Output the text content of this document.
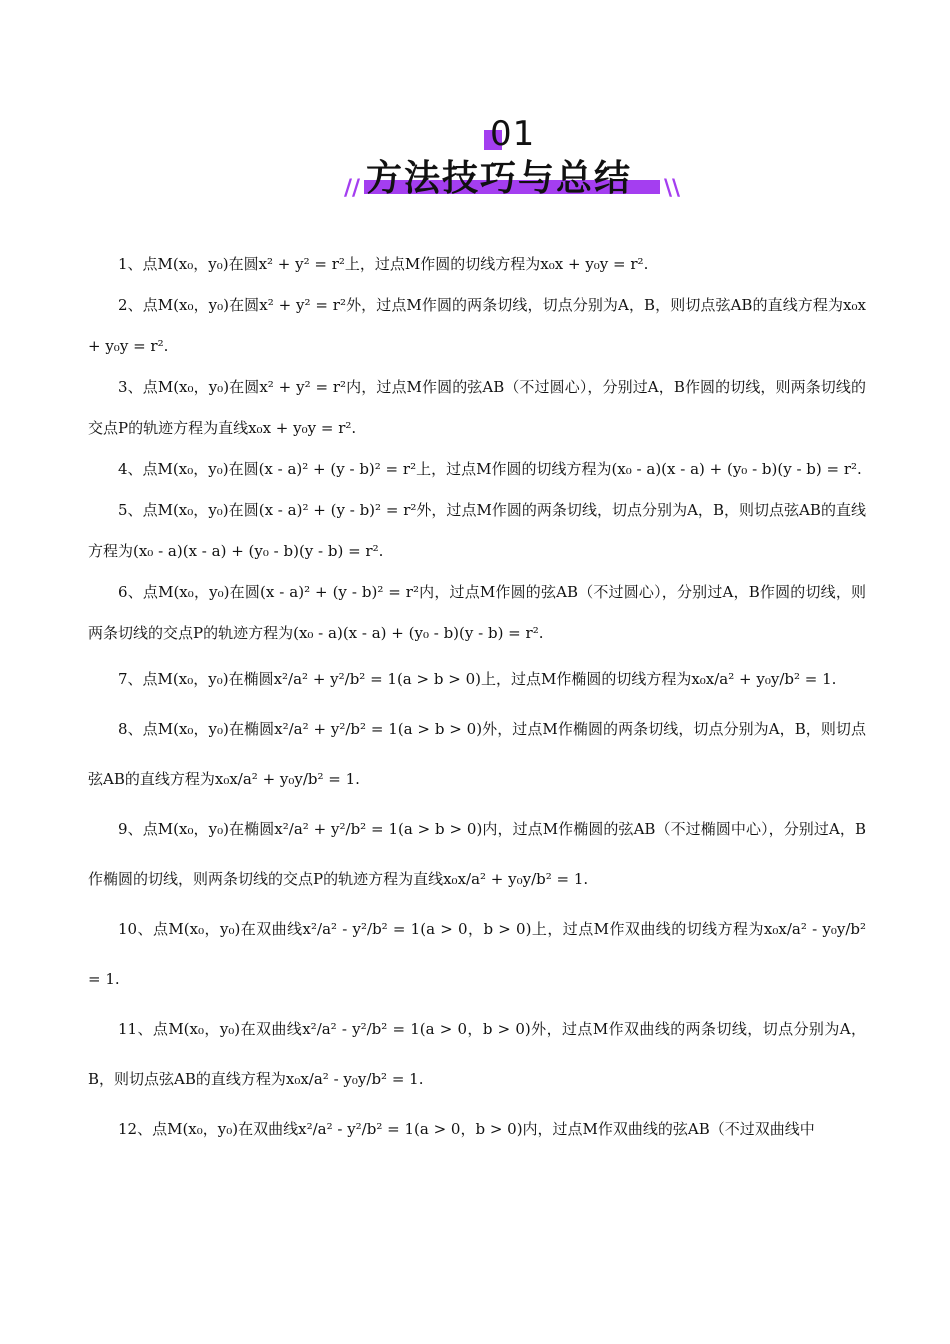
01
方法技巧与总结
//	\\

1、点M(x₀，y₀)在圆x² + y² = r²上，过点M作圆的切线方程为x₀x + y₀y = r².

2、点M(x₀，y₀)在圆x² + y² = r²外，过点M作圆的两条切线，切点分别为A，B，则切点弦AB的直线方程为x₀x + y₀y = r².

3、点M(x₀，y₀)在圆x² + y² = r²内，过点M作圆的弦AB（不过圆心），分别过A，B作圆的切线，则两条切线的交点P的轨迹方程为直线x₀x + y₀y = r².

4、点M(x₀，y₀)在圆(x - a)² + (y - b)² = r²上，过点M作圆的切线方程为(x₀ - a)(x - a) + (y₀ - b)(y - b) = r².

5、点M(x₀，y₀)在圆(x - a)² + (y - b)² = r²外，过点M作圆的两条切线，切点分别为A，B，则切点弦AB的直线方程为(x₀ - a)(x - a) + (y₀ - b)(y - b) = r².

6、点M(x₀，y₀)在圆(x - a)² + (y - b)² = r²内，过点M作圆的弦AB（不过圆心），分别过A，B作圆的切线，则两条切线的交点P的轨迹方程为(x₀ - a)(x - a) + (y₀ - b)(y - b) = r².

7、点M(x₀，y₀)在椭圆x²/a² + y²/b² = 1(a > b > 0)上，过点M作椭圆的切线方程为x₀x/a² + y₀y/b² = 1.

8、点M(x₀，y₀)在椭圆x²/a² + y²/b² = 1(a > b > 0)外，过点M作椭圆的两条切线，切点分别为A，B，则切点弦AB的直线方程为x₀x/a² + y₀y/b² = 1.

9、点M(x₀，y₀)在椭圆x²/a² + y²/b² = 1(a > b > 0)内，过点M作椭圆的弦AB（不过椭圆中心），分别过A，B作椭圆的切线，则两条切线的交点P的轨迹方程为直线x₀x/a² + y₀y/b² = 1.

10、点M(x₀，y₀)在双曲线x²/a² - y²/b² = 1(a > 0，b > 0)上，过点M作双曲线的切线方程为x₀x/a² - y₀y/b² = 1.

11、点M(x₀，y₀)在双曲线x²/a² - y²/b² = 1(a > 0，b > 0)外，过点M作双曲线的两条切线，切点分别为A，B，则切点弦AB的直线方程为x₀x/a² - y₀y/b² = 1.

12、点M(x₀，y₀)在双曲线x²/a² - y²/b² = 1(a > 0，b > 0)内，过点M作双曲线的弦AB（不过双曲线中
